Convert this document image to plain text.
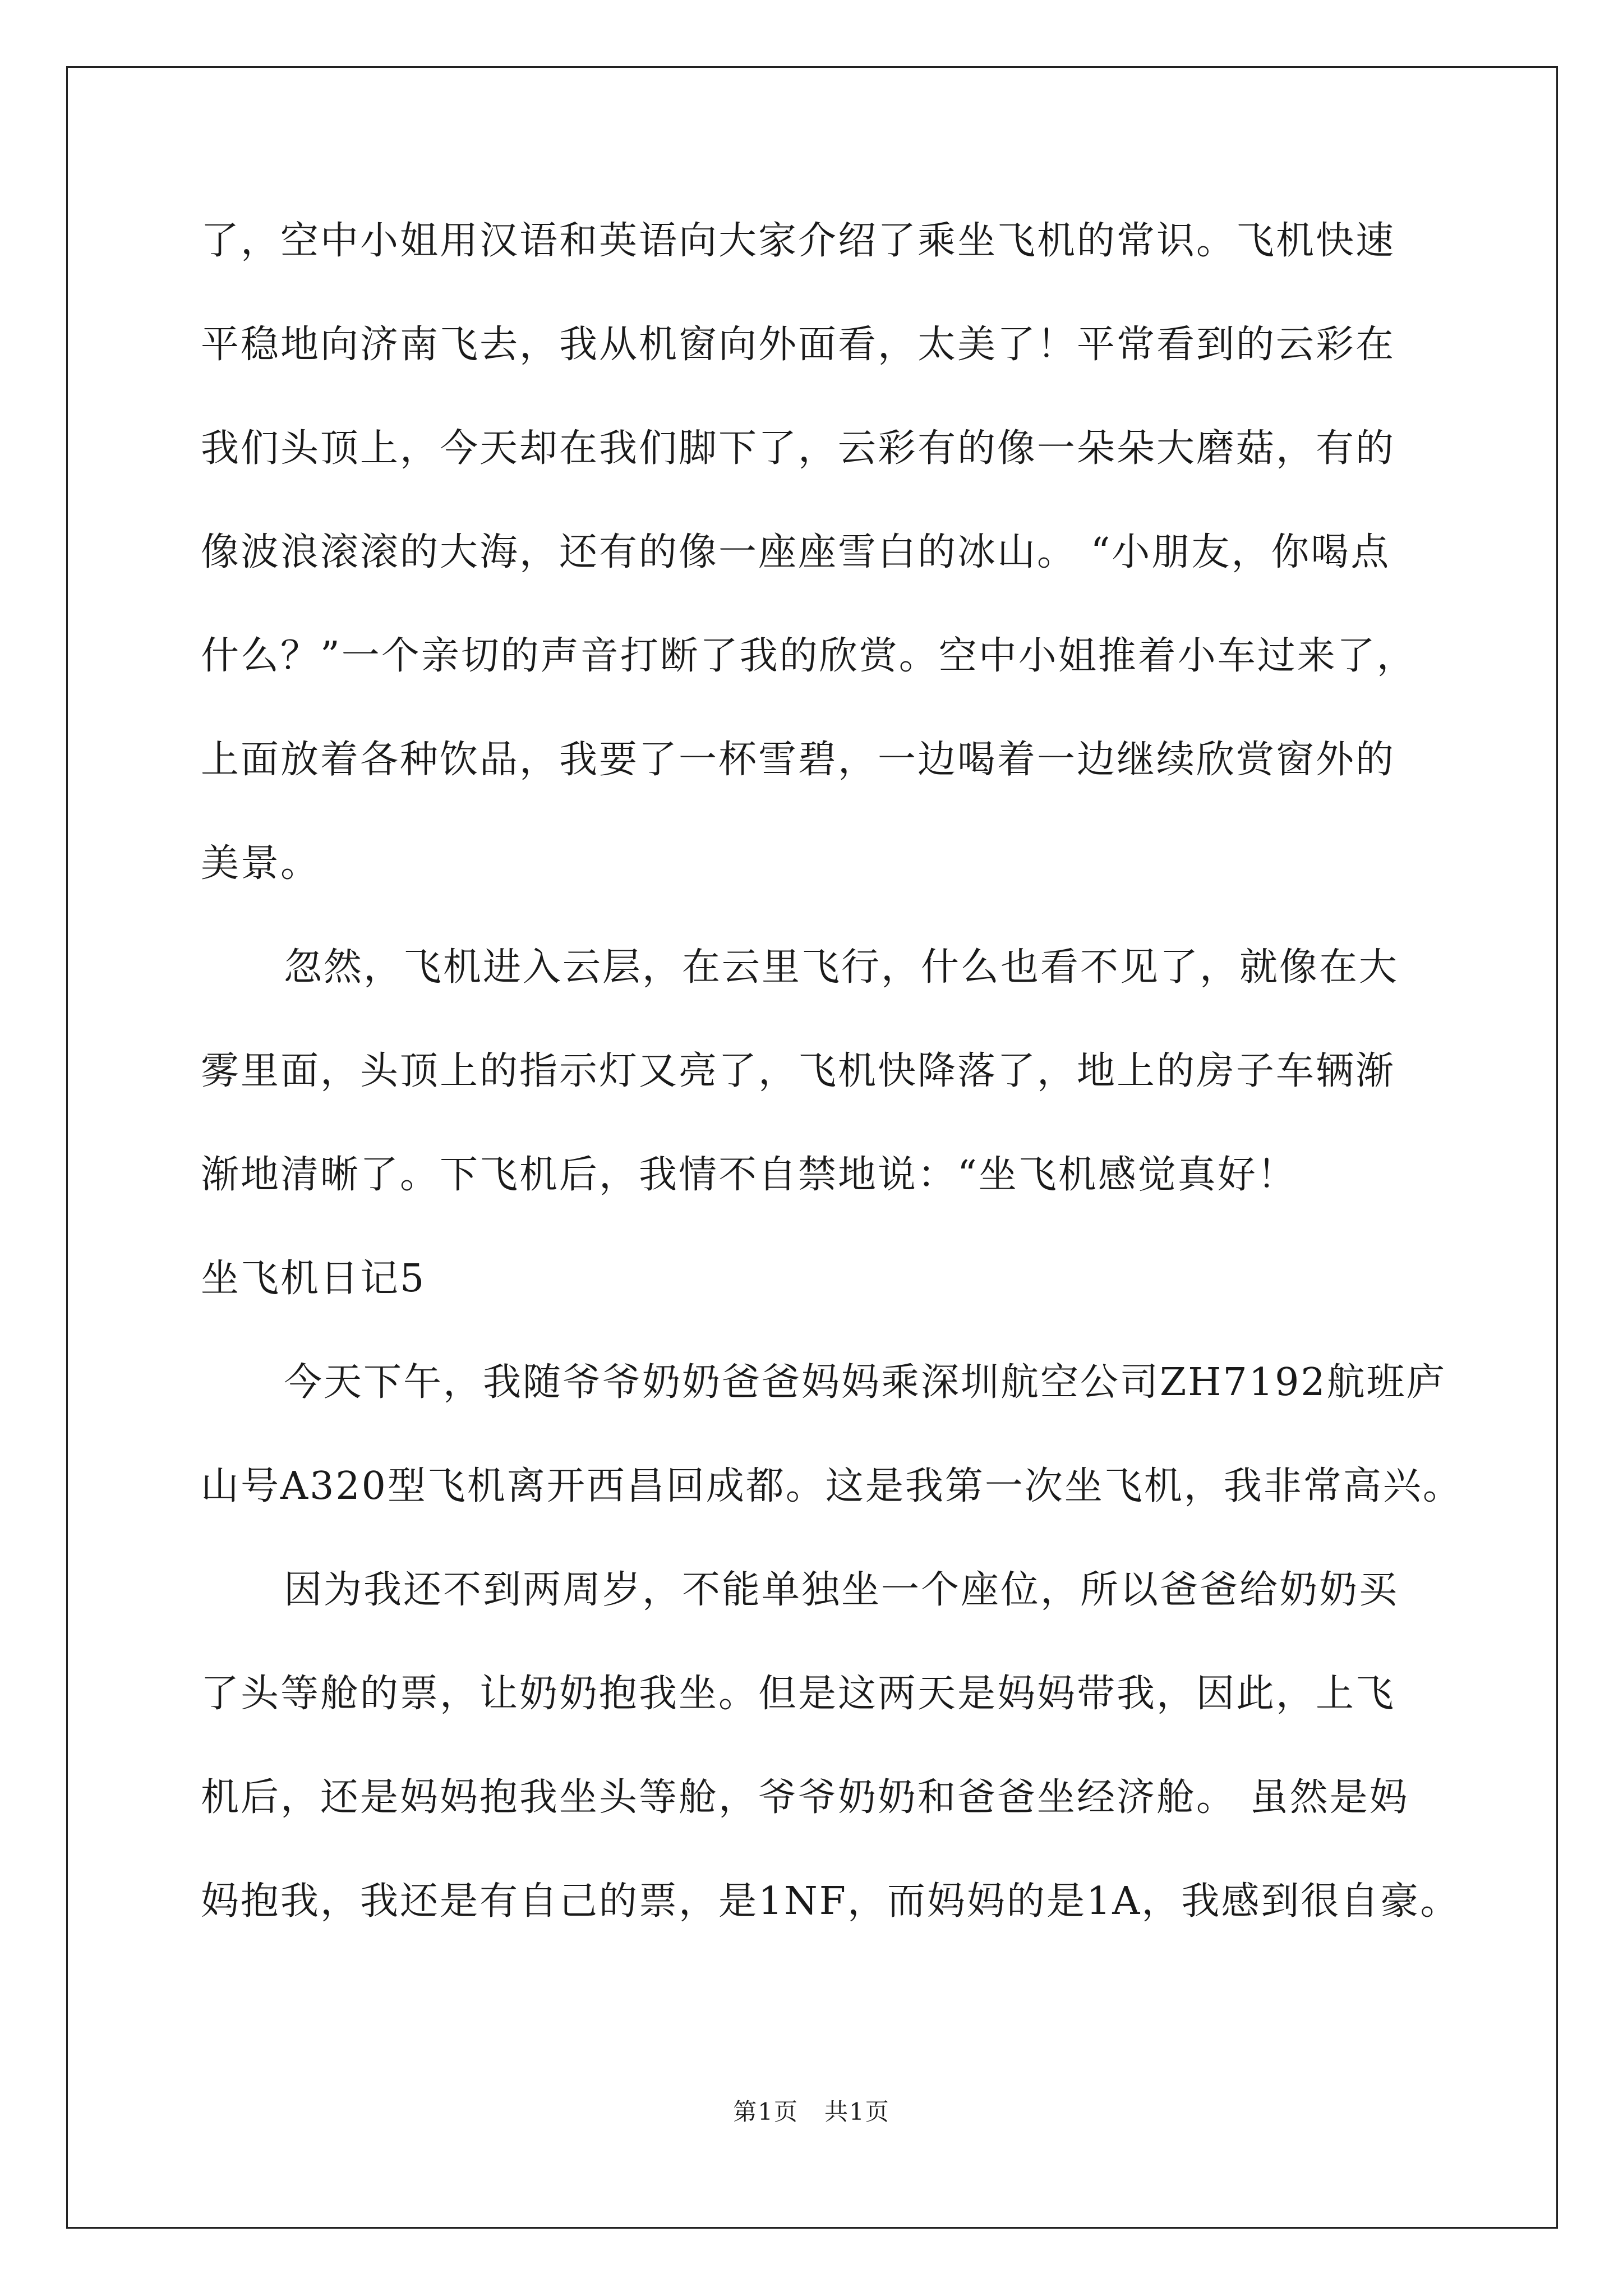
了，空中小姐用汉语和英语向大家介绍了乘坐飞机的常识。飞机快速
平稳地向济南飞去，我从机窗向外面看，太美了！平常看到的云彩在
我们头顶上，今天却在我们脚下了，云彩有的像一朵朵大磨菇，有的
像波浪滚滚的大海，还有的像一座座雪白的冰山。 “小朋友，你喝点
什么？”一个亲切的声音打断了我的欣赏。空中小姐推着小车过来了，
上面放着各种饮品，我要了一杯雪碧，一边喝着一边继续欣赏窗外的
美景。
忽然，飞机进入云层，在云里飞行，什么也看不见了，就像在大
雾里面，头顶上的指示灯又亮了，飞机快降落了，地上的房子车辆渐
渐地清晰了。下飞机后，我情不自禁地说：“坐飞机感觉真好！
坐飞机日记5
今天下午，我随爷爷奶奶爸爸妈妈乘深圳航空公司ZH7192航班庐
山号A320型飞机离开西昌回成都。这是我第一次坐飞机，我非常高兴。
因为我还不到两周岁，不能单独坐一个座位，所以爸爸给奶奶买
了头等舱的票，让奶奶抱我坐。但是这两天是妈妈带我，因此，上飞
机后，还是妈妈抱我坐头等舱，爷爷奶奶和爸爸坐经济舱。 虽然是妈
妈抱我，我还是有自己的票，是1NF，而妈妈的是1A，我感到很自豪。
第1页 共1页
